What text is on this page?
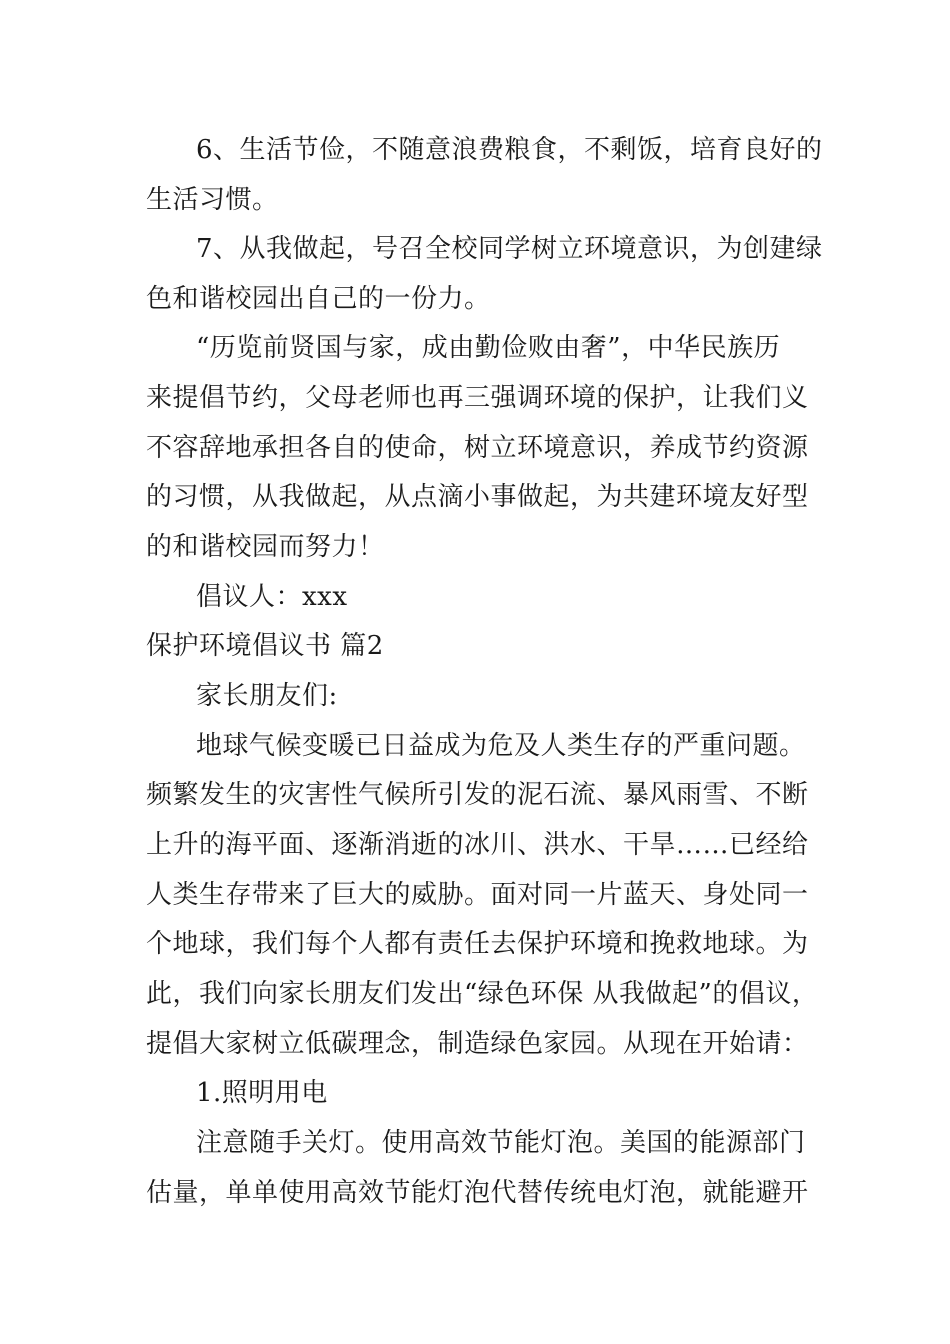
6、生活节俭，不随意浪费粮食，不剩饭，培育良好的
生活习惯。
7、从我做起，号召全校同学树立环境意识，为创建绿
色和谐校园出自己的一份力。
“历览前贤国与家，成由勤俭败由奢”，中华民族历
来提倡节约，父母老师也再三强调环境的保护，让我们义
不容辞地承担各自的使命，树立环境意识，养成节约资源
的习惯，从我做起，从点滴小事做起，为共建环境友好型
的和谐校园而努力！
倡议人：xxx
保护环境倡议书 篇2
家长朋友们:
地球气候变暖已日益成为危及人类生存的严重问题。
频繁发生的灾害性气候所引发的泥石流、暴风雨雪、不断
上升的海平面、逐渐消逝的冰川、洪水、干旱……已经给
人类生存带来了巨大的威胁。面对同一片蓝天、身处同一
个地球，我们每个人都有责任去保护环境和挽救地球。为
此，我们向家长朋友们发出“绿色环保 从我做起”的倡议，
提倡大家树立低碳理念，制造绿色家园。从现在开始请：
1.照明用电
注意随手关灯。使用高效节能灯泡。美国的能源部门
估量，单单使用高效节能灯泡代替传统电灯泡，就能避开
